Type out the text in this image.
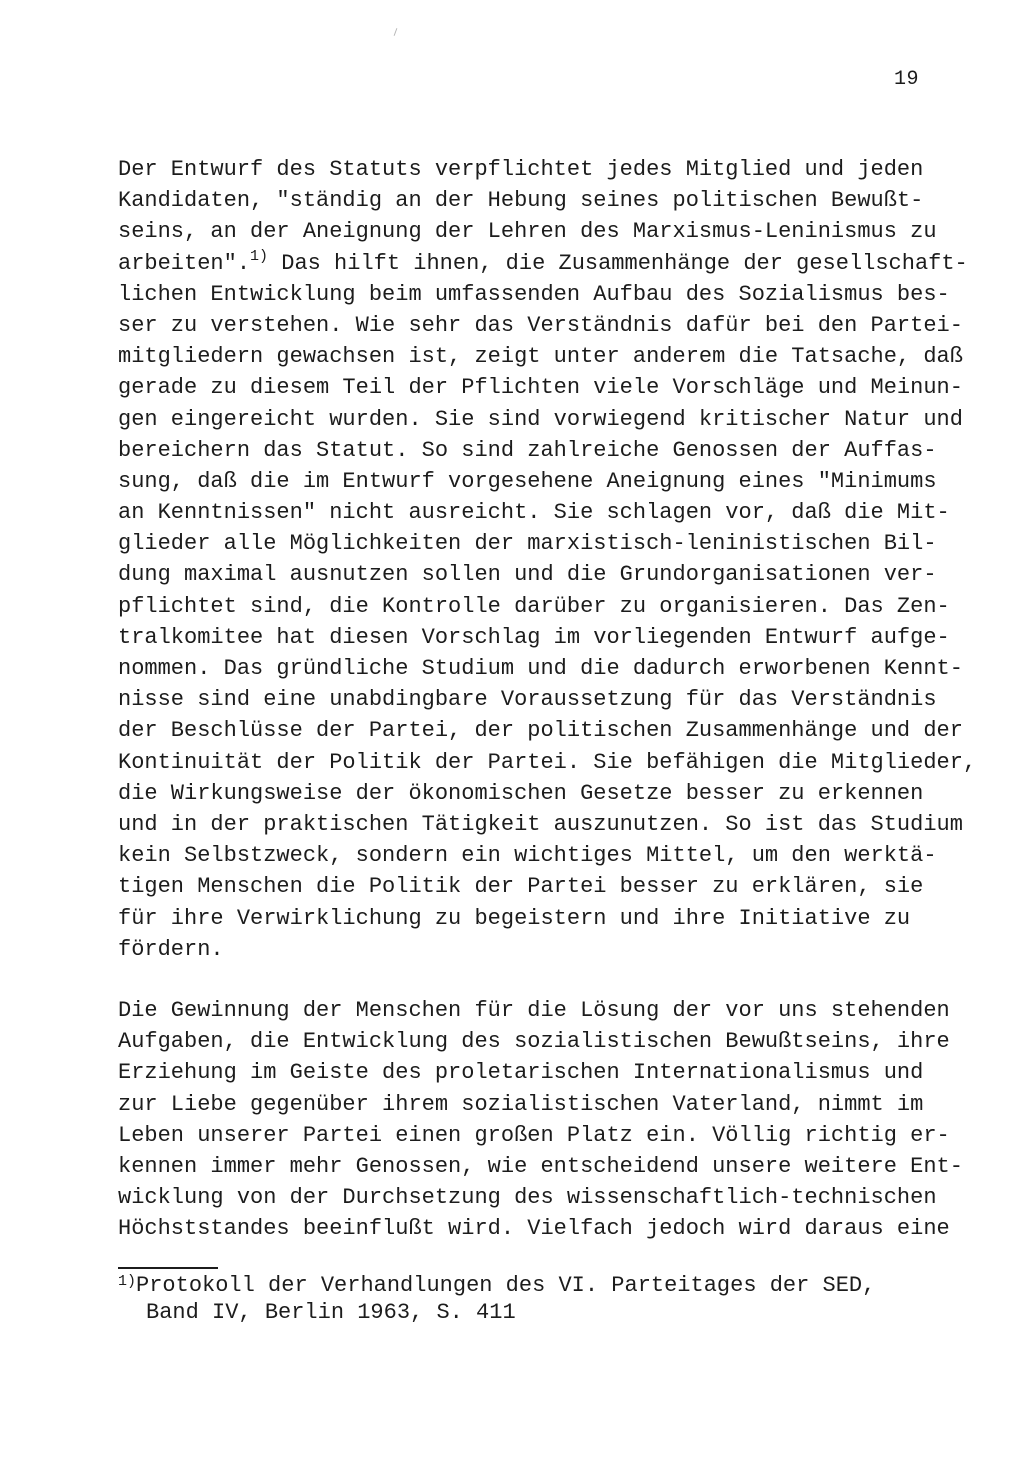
19
Der Entwurf des Statuts verpflichtet jedes Mitglied und jeden
Kandidaten, "ständig an der Hebung seines politischen Bewußt-
seins, an der Aneignung der Lehren des Marxismus-Leninismus zu
arbeiten".$^{1)}$ Das hilft ihnen, die Zusammenhänge der gesellschaft-
lichen Entwicklung beim umfassenden Aufbau des Sozialismus bes-
ser zu verstehen. Wie sehr das Verständnis dafür bei den Partei-
mitgliedern gewachsen ist, zeigt unter anderem die Tatsache, daß
gerade zu diesem Teil der Pflichten viele Vorschläge und Meinun-
gen eingereicht wurden. Sie sind vorwiegend kritischer Natur und
bereichern das Statut. So sind zahlreiche Genossen der Auffas-
sung, daß die im Entwurf vorgesehene Aneignung eines "Minimums
an Kenntnissen" nicht ausreicht. Sie schlagen vor, daß die Mit-
glieder alle Möglichkeiten der marxistisch-leninistischen Bil-
dung maximal ausnutzen sollen und die Grundorganisationen ver-
pflichtet sind, die Kontrolle darüber zu organisieren. Das Zen-
tralkomitee hat diesen Vorschlag im vorliegenden Entwurf aufge-
nommen. Das gründliche Studium und die dadurch erworbenen Kennt-
nisse sind eine unabdingbare Voraussetzung für das Verständnis
der Beschlüsse der Partei, der politischen Zusammenhänge und der
Kontinuität der Politik der Partei. Sie befähigen die Mitglieder,
die Wirkungsweise der ökonomischen Gesetze besser zu erkennen
und in der praktischen Tätigkeit auszunutzen. So ist das Studium
kein Selbstzweck, sondern ein wichtiges Mittel, um den werktä-
tigen Menschen die Politik der Partei besser zu erklären, sie
für ihre Verwirklichung zu begeistern und ihre Initiative zu
fördern.
Die Gewinnung der Menschen für die Lösung der vor uns stehenden
Aufgaben, die Entwicklung des sozialistischen Bewußtseins, ihre
Erziehung im Geiste des proletarischen Internationalismus und
zur Liebe gegenüber ihrem sozialistischen Vaterland, nimmt im
Leben unserer Partei einen großen Platz ein. Völlig richtig er-
kennen immer mehr Genossen, wie entscheidend unsere weitere Ent-
wicklung von der Durchsetzung des wissenschaftlich-technischen
Höchststandes beeinflußt wird. Vielfach jedoch wird daraus eine
$^{1)}$Protokoll der Verhandlungen des VI. Parteitages der SED,
Band IV, Berlin 1963, S. 411
